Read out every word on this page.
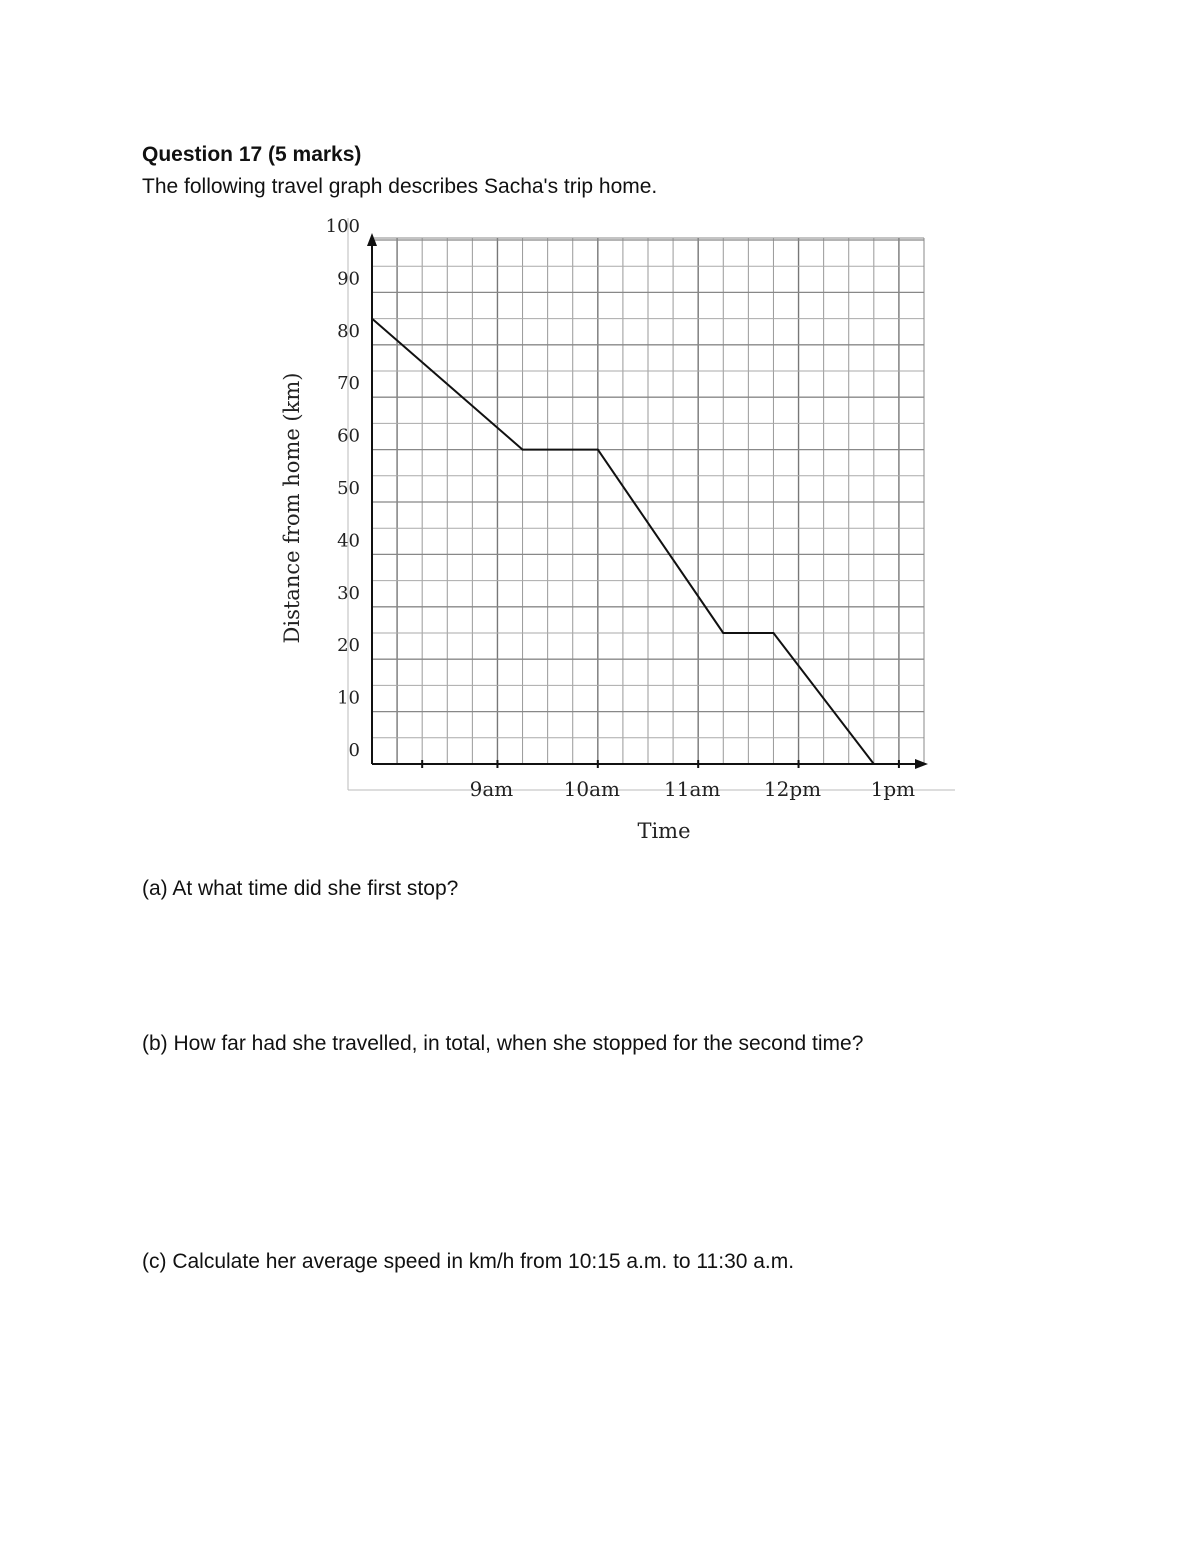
Question 17 (5 marks)

The following travel graph describes Sacha's trip home.

0
10
20
30
40
50
60
70
80
90
100
9am	10am 11am 12pm 1pm
Distance from home (km)
Time

(a) At what time did she first stop?

(b) How far had she travelled, in total, when she stopped for the second time?

(c) Calculate her average speed in km/h from 10:15 a.m. to 11:30 a.m.
